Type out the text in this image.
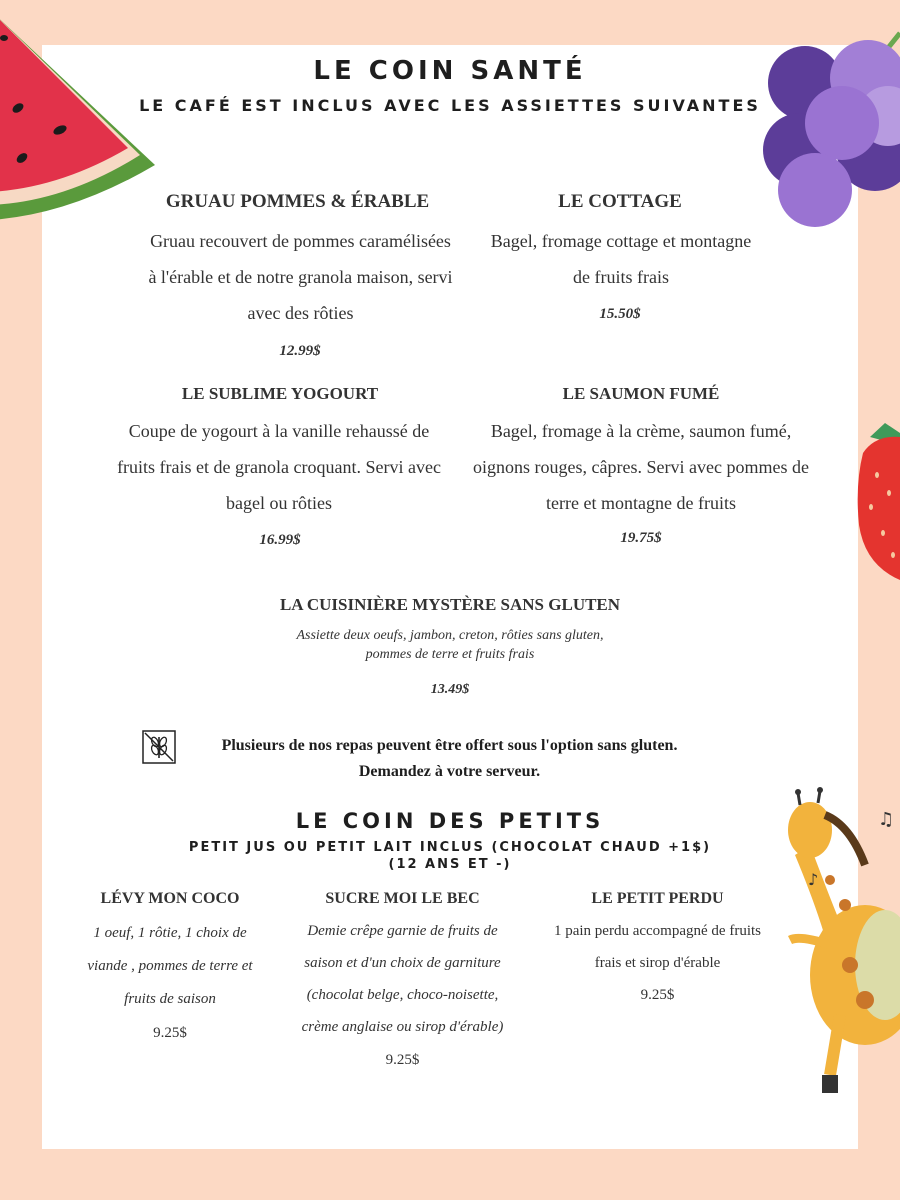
♫
♪
LE COIN SANTÉ
LE CAFÉ EST INCLUS AVEC LES ASSIETTES SUIVANTES
GRUAU POMMES & ÉRABLE
Gruau recouvert de pommes caramélisées à l'érable et de notre granola maison, servi avec des rôties
12.99$
LE COTTAGE
Bagel, fromage cottage et montagne de fruits frais
15.50$
LE SUBLIME YOGOURT
Coupe de yogourt à la vanille rehaussé de fruits frais et de granola croquant. Servi avec bagel ou rôties
16.99$
LE SAUMON FUMÉ
Bagel, fromage à la crème, saumon fumé, oignons rouges, câpres. Servi avec pommes de terre et montagne de fruits
19.75$
LA CUISINIÈRE MYSTÈRE SANS GLUTEN
Assiette deux oeufs, jambon, creton, rôties sans gluten,
pommes de terre et fruits frais
13.49$
Plusieurs de nos repas peuvent être offert sous l'option sans gluten.
Demandez à votre serveur.
LE COIN DES PETITS
PETIT JUS OU PETIT LAIT INCLUS (CHOCOLAT CHAUD +1$)
(12 ANS ET -)
LÉVY MON COCO
1 oeuf, 1 rôtie, 1 choix de viande , pommes de terre et fruits de saison
9.25$
SUCRE MOI LE BEC
Demie crêpe garnie de fruits de saison et d'un choix de garniture (chocolat belge, choco-noisette, crème anglaise ou sirop d'érable)
9.25$
LE PETIT PERDU
1 pain perdu accompagné de fruits frais et sirop d'érable
9.25$
